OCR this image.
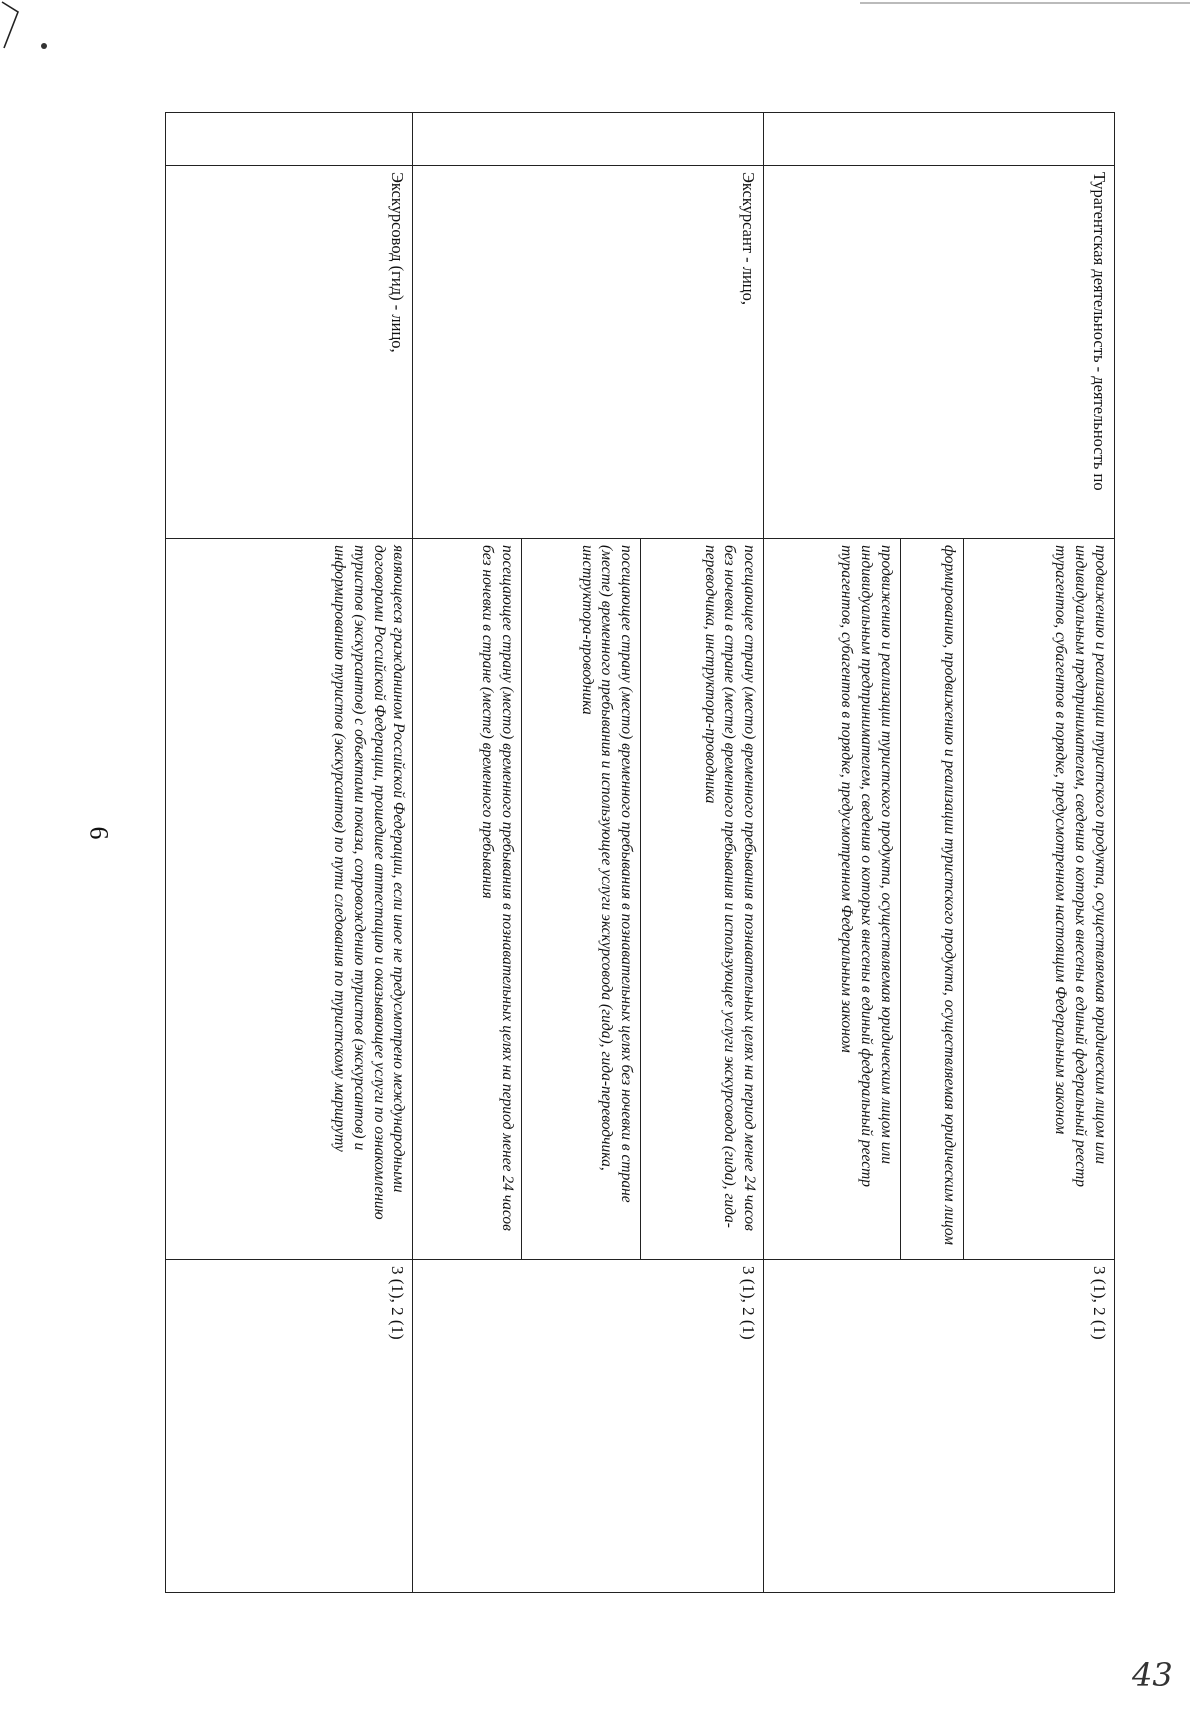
6
	Турагентская деятельность - деятельность по	продвижению и реализации туристского продукта, осуществляемая юридическим лицом или индивидуальным предпринимателем, сведения о которых внесены в единый федеральный реестр турагентов, субагентов в порядке, предусмотренном настоящим Федеральным законом
формированию, продвижению и реализации туристского продукта, осуществляемая юридическим лицом
продвижению и реализации туристского продукта, осуществляемая юридическим лицом или индивидуальным предпринимателем, сведения о которых внесены в единый федеральный реестр турагентов, субагентов в порядке, предусмотренном Федеральным законом	3 (1), 2 (1)
	Экскурсант - лицо,	посещающее страну (место) временного пребывания в познавательных целях на период менее 24 часов без ночевки в стране (месте) временного пребывания и использующее услуги экскурсовода (гида), гида-переводчика, инструктора-проводника
посещающее страну (место) временного пребывания в познавательных целях без ночевки в стране (месте) временного пребывания и использующее услуги экскурсовода (гида), гида-переводчика, инструктора-проводника
посещающее страну (место) временного пребывания в познавательных целях на период менее 24 часов без ночевки в стране (месте) временного пребывания	3 (1), 2 (1)
	Экскурсовод (гид) - лицо,	являющееся гражданином Российской Федерации, если иное не предусмотрено международными договорами Российской Федерации, прошедшее аттестацию и оказывающее услуги по ознакомлению туристов (экскурсантов) с объектами показа, сопровождению туристов (экскурсантов) и информированию туристов (экскурсантов) по пути следования по туристскому маршруту	3 (1), 2 (1)
43
